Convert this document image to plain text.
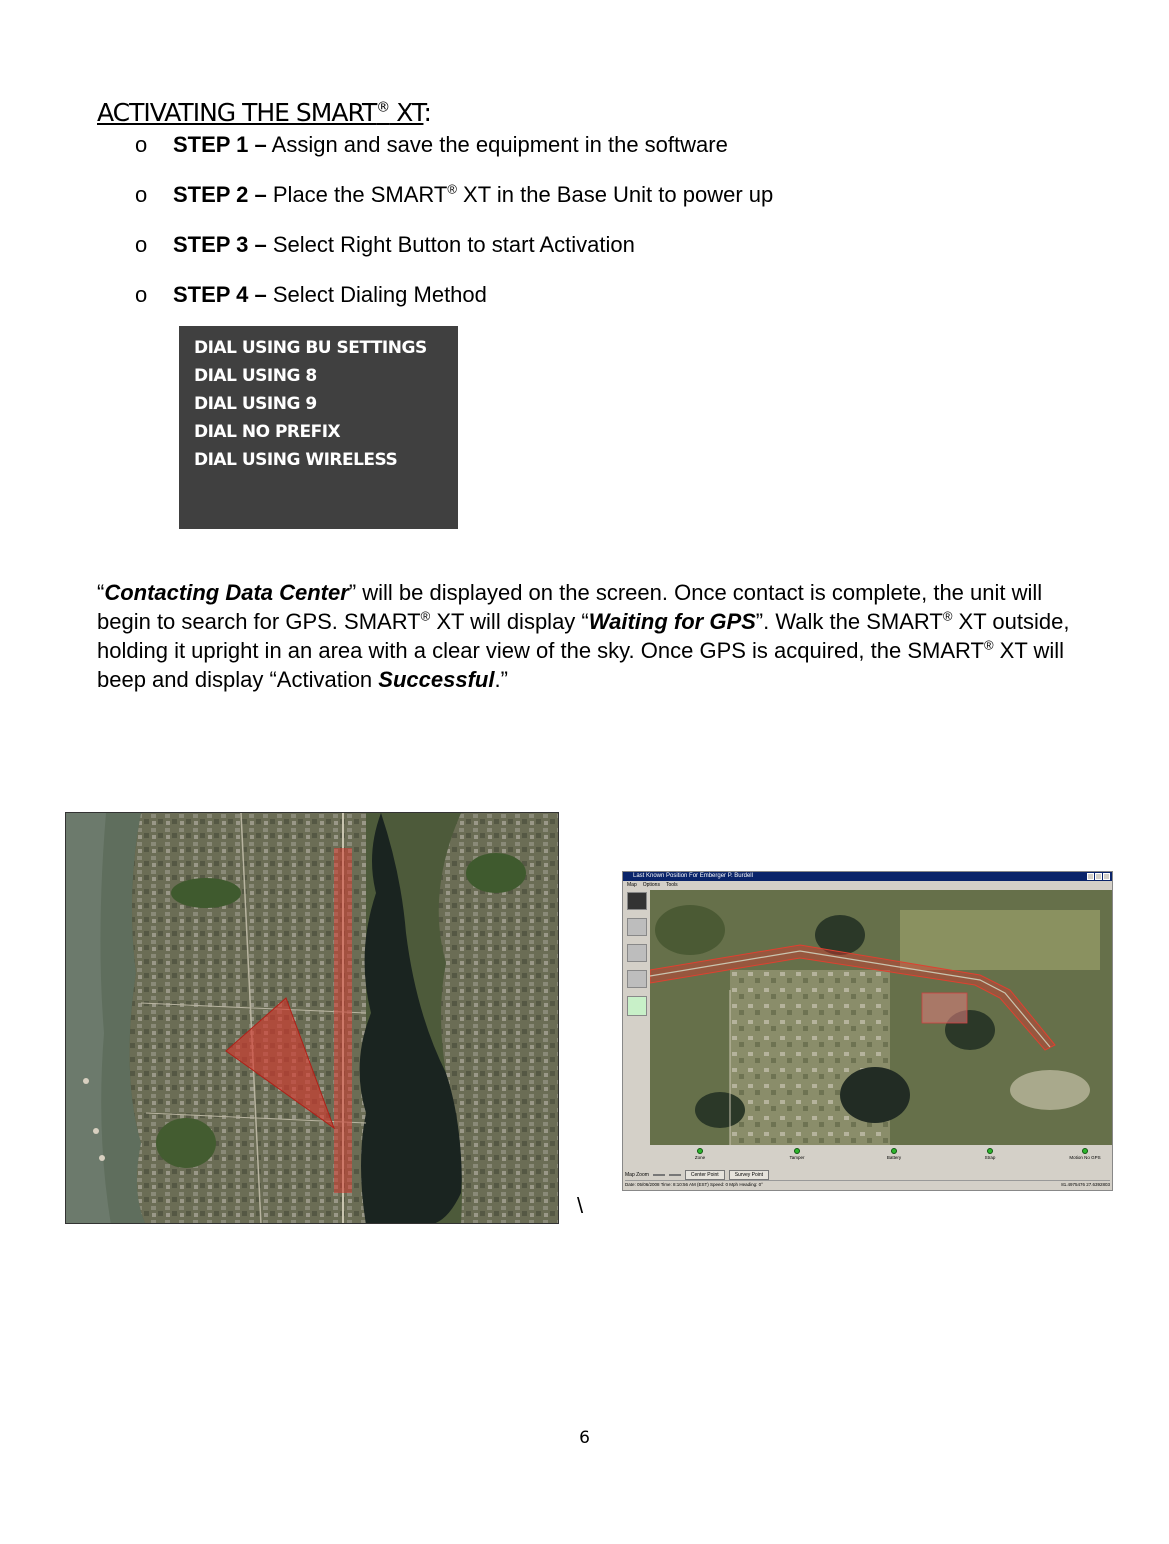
ACTIVATING THE SMART® XT:
o	STEP 1 – Assign and save the equipment in the software
o	STEP 2 – Place the SMART® XT in the Base Unit to power up
o	STEP 3 – Select Right Button to start Activation
o	STEP 4 – Select Dialing Method
DIAL USING BU SETTINGS
DIAL USING 8
DIAL USING 9
DIAL NO PREFIX
DIAL USING WIRELESS
“Contacting Data Center” will be displayed on the screen. Once contact is complete, the unit will begin to search for GPS. SMART® XT will display “Waiting for GPS”. Walk the SMART® XT outside, holding it upright in an area with a clear view of the sky. Once GPS is acquired, the SMART® XT will beep and display “Activation Successful.”
\
Last Known Position For Emberger P. Burdell
Map Options Tools
Zone	Tamper	Battery	Strap	Motion No GPS
Map Zoom	Center Point	Survey Point
Date: 05/06/2008 Time: 8:10:56 AM (EST) Speed: 0 Mph Heading: 0°	81.4975476 27.6392803
6
